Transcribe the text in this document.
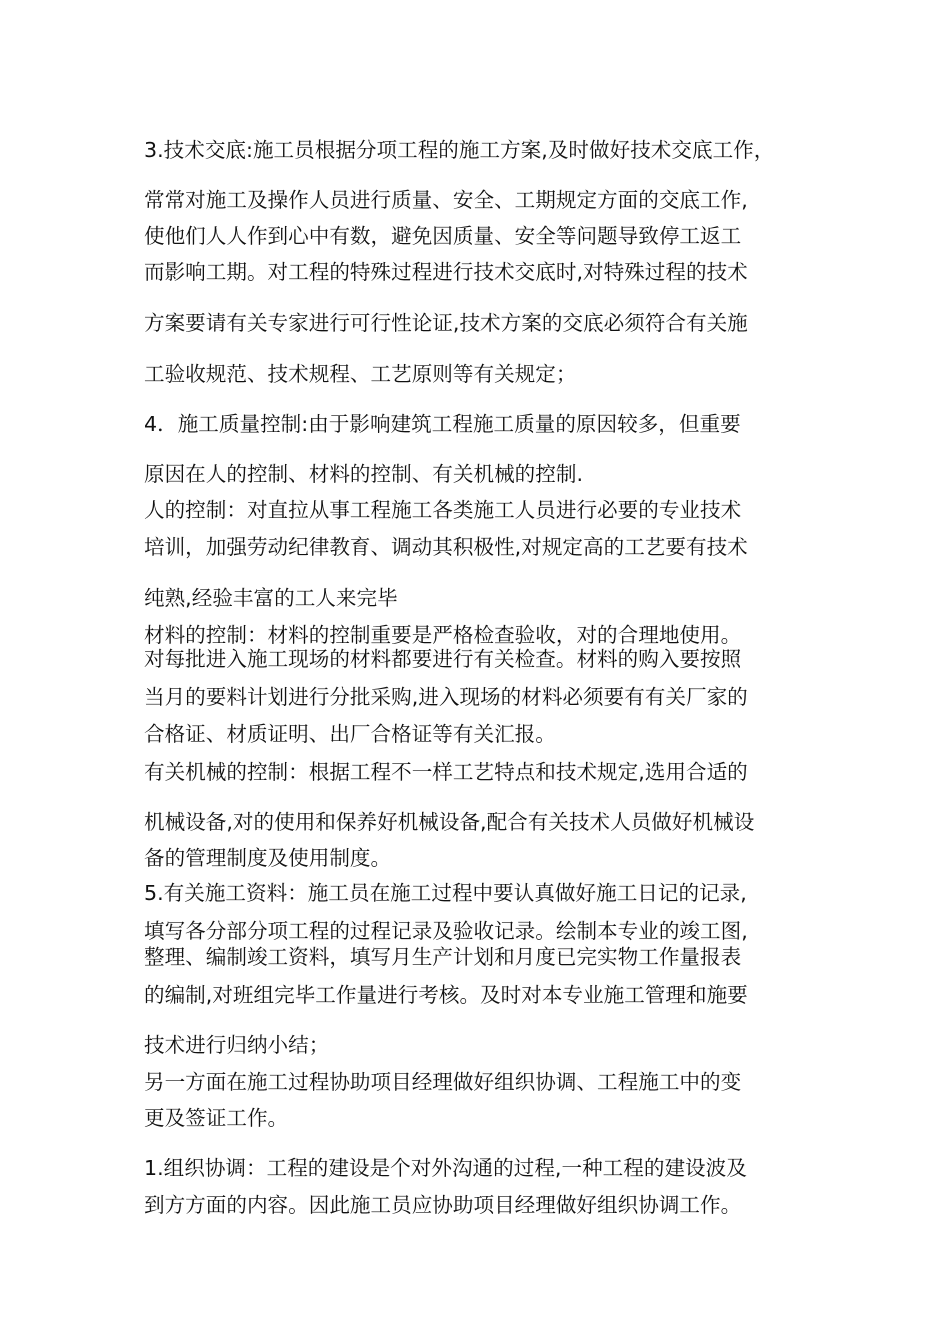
3.技术交底:施工员根据分项工程的施工方案,及时做好技术交底工作，
常常对施工及操作人员进行质量、安全、工期规定方面的交底工作,
使他们人人作到心中有数，避免因质量、安全等问题导致停工返工
而影响工期。对工程的特殊过程进行技术交底时,对特殊过程的技术
方案要请有关专家进行可行性论证,技术方案的交底必须符合有关施
工验收规范、技术规程、工艺原则等有关规定；
4．施工质量控制:由于影响建筑工程施工质量的原因较多，但重要
原因在人的控制、材料的控制、有关机械的控制.
人的控制：对直拉从事工程施工各类施工人员进行必要的专业技术
培训，加强劳动纪律教育、调动其积极性,对规定高的工艺要有技术
纯熟,经验丰富的工人来完毕
材料的控制：材料的控制重要是严格检查验收，对的合理地使用。
对每批进入施工现场的材料都要进行有关检查。材料的购入要按照
当月的要料计划进行分批采购,进入现场的材料必须要有有关厂家的
合格证、材质证明、出厂合格证等有关汇报。
有关机械的控制：根据工程不一样工艺特点和技术规定,选用合适的
机械设备,对的使用和保养好机械设备,配合有关技术人员做好机械设
备的管理制度及使用制度。
5.有关施工资料：施工员在施工过程中要认真做好施工日记的记录,
填写各分部分项工程的过程记录及验收记录。绘制本专业的竣工图,
整理、编制竣工资料，填写月生产计划和月度已完实物工作量报表
的编制,对班组完毕工作量进行考核。及时对本专业施工管理和施要
技术进行归纳小结；
另一方面在施工过程协助项目经理做好组织协调、工程施工中的变
更及签证工作。
1.组织协调：工程的建设是个对外沟通的过程,一种工程的建设波及
到方方面的内容。因此施工员应协助项目经理做好组织协调工作。
